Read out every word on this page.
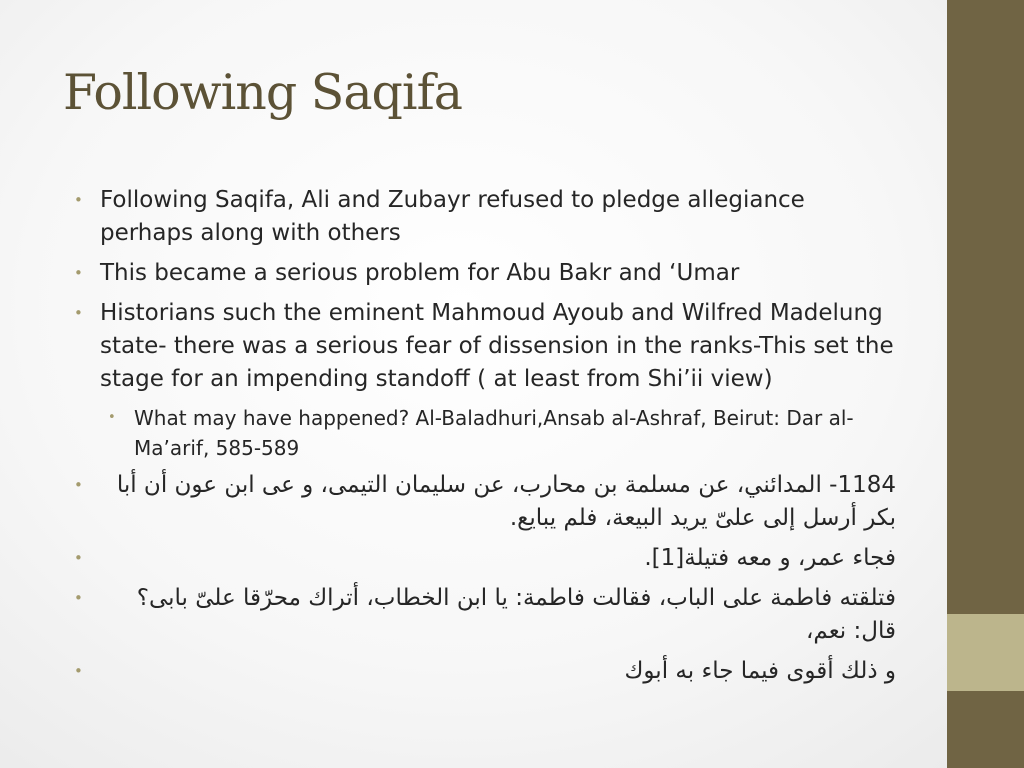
Following Saqifa
• Following Saqifa, Ali and Zubayr refused to pledge allegiance perhaps along with others
• This became a serious problem for Abu Bakr and ‘Umar
• Historians such the eminent Mahmoud Ayoub and Wilfred Madelung state- there was a serious fear of dissension in the ranks-This set the stage for an impending standoff ( at least from Shi’ii view)
• What may have happened? Al-Baladhuri,Ansab al-Ashraf, Beirut: Dar al-Ma’arif, 585-589
•	1184- المدائني، عن مسلمة بن محارب، عن سليمان التيمی، و عی ابن عون أن أبا بكر أرسل إلی علیّ يريد البيعة، فلم يبايع.
•	فجاء عمر، و معه فتيلة[1].
•	فتلقته فاطمة علی الباب، فقالت فاطمة: يا ابن الخطاب، أتراك محرّقا علیّ بابی؟ قال: نعم،
•	و ذلك أقوی فيما جاء به أبوك
